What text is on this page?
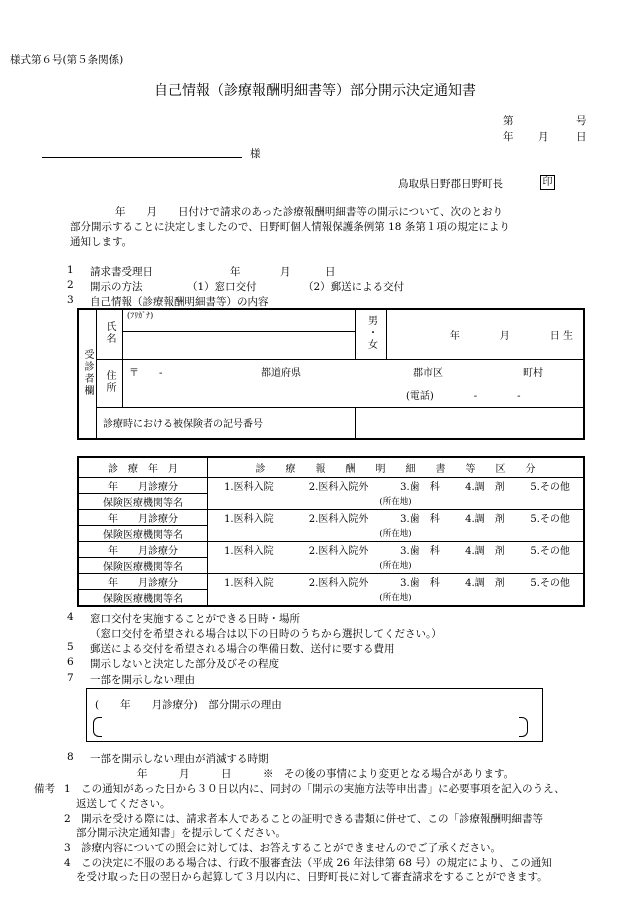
様式第６号(第５条関係)
自己情報（診療報酬明細書等）部分開示決定通知書
第	号
年 月	日
様
鳥取県日野郡日野町長	印
年　　月　　日付けで請求のあった診療報酬明細書等の開示について、次のとおり
部分開示することに決定しましたので、日野町個人情報保護条例第 18 条第１項の規定により
通知します。
1 請求書受理日	年	月	日
2 開示の方法	（1）窓口交付	（2）郵送による交付
3 自己情報（診療報酬明細書等）の内容
受診者欄	氏名	(ﾌﾘｶﾞﾅ)	男・女	年　　　　月　　　　日 生

	住所	〒　　- 都道府県 郡市区 町村
(電話)　　　　-　　　　-		

	診療時における被保険者の記号番号			
診　療　年　月	診　　療　　報　　酬　　明　　細　　書　　等　　区　　分				
年　　月診療分	1.医科入院	2.医科入院外	3.歯　科	4.調　剤	5.その他
保険医療機関等名	(所在地)				
年　　月診療分	1.医科入院	2.医科入院外	3.歯　科	4.調　剤	5.その他
保険医療機関等名	(所在地)				
年　　月診療分	1.医科入院	2.医科入院外	3.歯　科	4.調　剤	5.その他
保険医療機関等名	(所在地)				
年　　月診療分	1.医科入院	2.医科入院外	3.歯　科	4.調　剤	5.その他
保険医療機関等名	(所在地)				
4 窓口交付を実施することができる日時・場所
（窓口交付を希望される場合は以下の日時のうちから選択してください。）
5 郵送による交付を希望される場合の準備日数、送付に要する費用
6 開示しないと決定した部分及びその程度
7 一部を開示しない理由
(　　年　　月診療分)　部分開示の理由
8 一部を開示しない理由が消滅する時期
年　　　月　　　日　　　※　その後の事情により変更となる場合があります。
備考 1　この通知があった日から３０日以内に、同封の「開示の実施方法等申出書」に必要事項を記入のうえ、
返送してください。
2　開示を受ける際には、請求者本人であることの証明できる書類に併せて、この「診療報酬明細書等
部分開示決定通知書」を提示してください。
3　診療内容についての照会に対しては、お答えすることができませんのでご了承ください。
4　この決定に不服のある場合は、行政不服審査法（平成 26 年法律第 68 号）の規定により、この通知
を受け取った日の翌日から起算して３月以内に、日野町長に対して審査請求をすることができます。
